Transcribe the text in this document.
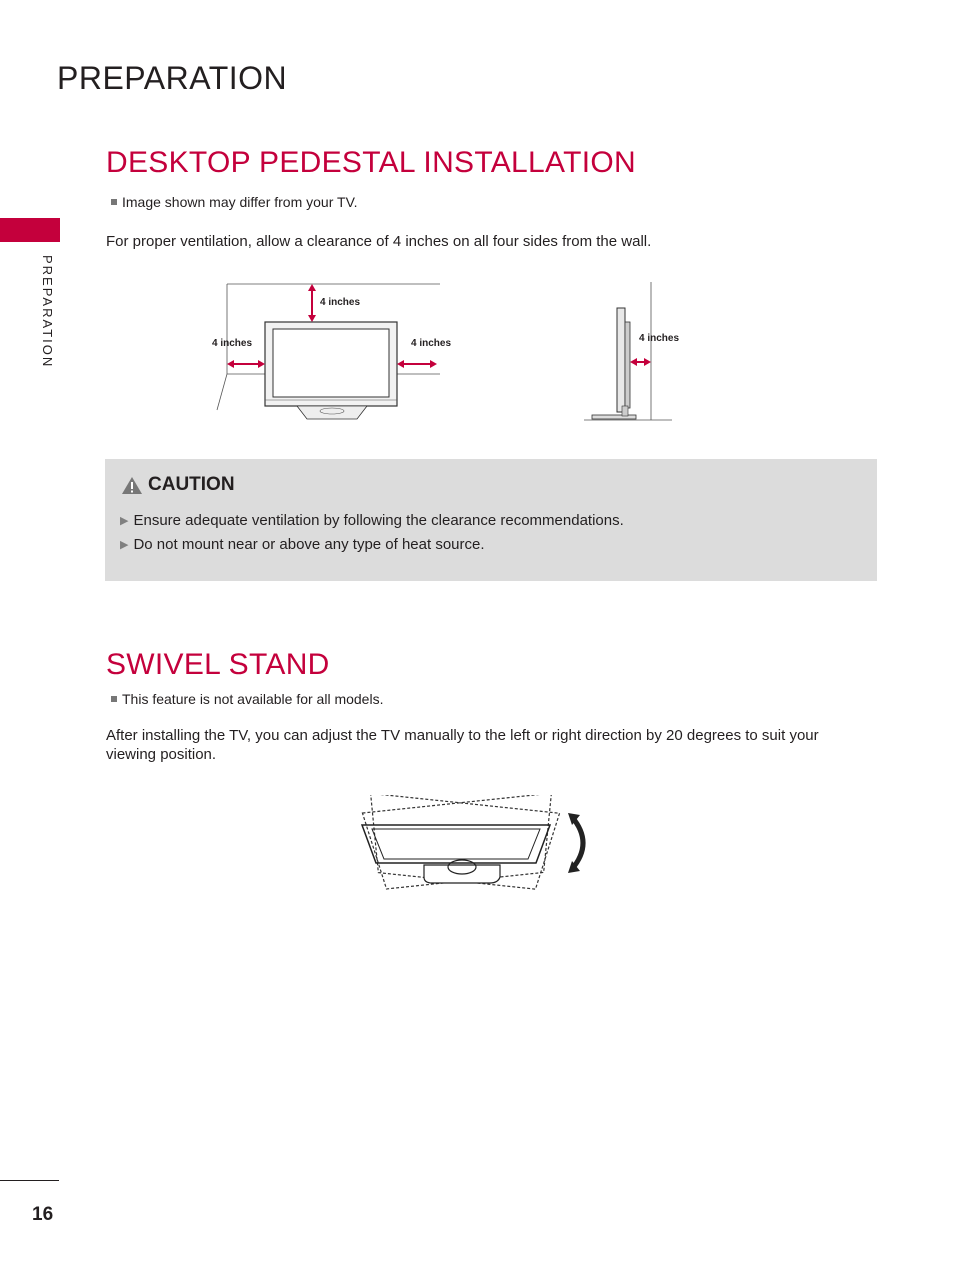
PREPARATION
PREPARATION
DESKTOP PEDESTAL INSTALLATION
Image shown may differ from your TV.
For proper ventilation, allow a clearance of 4 inches on all four sides from the wall.
4 inches
4 inches	4 inches	4 inches
CAUTION
▶ Ensure adequate ventilation by following the clearance recommendations.
▶ Do not mount near or above any type of heat source.
SWIVEL STAND
This feature is not available for all models.
After installing the TV, you can adjust the TV manually to the left or right direction by 20 degrees to suit your viewing position.
16
